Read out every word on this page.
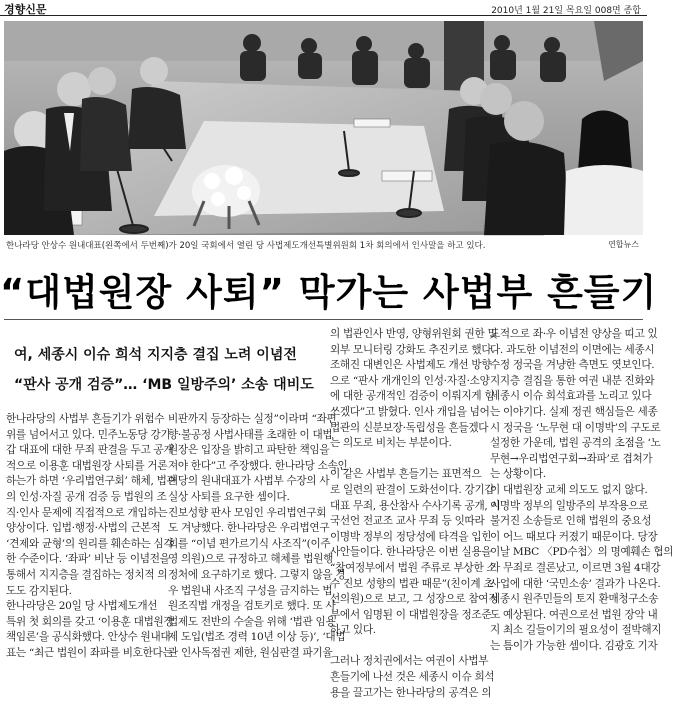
경향신문	2010년 1월 21일 목요일 008면 종합
한나라당 안상수 원내대표(왼쪽에서 두번째)가 20일 국회에서 열린 당 사법제도개선특별위원회 1차 회의에서 인사말을 하고 있다.	연합뉴스
“대법원장 사퇴” 막가는 사법부 흔들기
여, 세종시 이슈 희석 지지층 결집 노려 이념전
“판사 공개 검증”… ‘MB 일방주의’ 소송 대비도
한나라당의 사법부 흔들기가 위험수
위를 넘어서고 있다. 민주노동당 강기
갑 대표에 대한 무죄 판결을 두고 공개
적으로 이용훈 대법원장 사퇴를 거론
하는가 하면 ‘우리법연구회’ 해체, 법관
의 인성·자질 공개 검증 등 법원의 조
직·인사 문제에 직접적으로 개입하는
양상이다. 입법·행정·사법의 근본적
‘견제와 균형’의 원리를 훼손하는 심각
한 수준이다. ‘좌파’ 비난 등 이념전을
통해서 지지층을 결집하는 정치적 의
도도 감지된다.
한나라당은 20일 당 사법제도개선
특위 첫 회의를 갖고 ‘이용훈 대법원장
책임론’을 공식화했다. 안상수 원내대
표는 “최근 법원이 좌파를 비호한다는
비판까지 등장하는 실정”이라며 “좌편
향·불공정 사법사태를 초래한 이 대법
원장은 입장을 밝히고 파탄한 책임을
져야 한다”고 주장했다. 한나라당 소속인
여당의 원내대표가 사법부 수장의 사
실상 사퇴를 요구한 셈이다.
진보성향 판사 모임인 우리법연구회
도 겨냥했다. 한나라당은 우리법연구
회를 “이념 편가르기식 사조직”(이주
영 의원)으로 규정하고 해체를 법원행
정처에 요구하기로 했다. 그렇지 않을 경
우 법원내 사조직 구성을 금지하는 법
원조직법 개정을 검토키로 했다. 또 사
법제도 전반의 수술을 위해 ‘법관 임용
제 도입(법조 경력 10년 이상 등)’, ‘대법
관 인사독점권 제한, 원심판결 파기율
의 법관인사 반영, 양형위원회 권한 및
외부 모니터링 강화도 추진키로 했다.
조해진 대변인은 사법제도 개선 방향
으로 “판사 개개인의 인성·자질·소양
에 대한 공개적인 검증이 이뤄지게 힘
쓰겠다”고 밝혔다. 인사 개입을 넘어
법관의 신분보장·독립성을 흔들겠다
는 의도로 비치는 부분이다.
이 같은 사법부 흔들기는 표면적으
로 일련의 판결이 도화선이다. 강기갑
대표 무죄, 용산참사 수사기록 공개, 시
국선언 전교조 교사 무죄 등 잇따라
이명박 정부의 정당성에 타격을 입힌
사안들이다. 한나라당은 이번 실용을
“참여정부에서 법원 주류로 부상한 소
수 진보 성향의 법관 때문”(친이계 초
선의원)으로 보고, 그 성장으로 참여정
부에서 임명된 이 대법원장을 정조준
하고 있다.
그러나 정치권에서는 여권이 사법부
흔들기에 나선 것은 세종시 이슈 희석
용을 끌고가는 한나라당의 공격은 의
도적으로 좌·우 이념전 양상을 띠고 있
다. 과도한 이념전의 이면에는 세종시
수정 정국을 겨냥한 측면도 엿보인다.
지지층 결집을 통한 여권 내분 진화와
세종시 이슈 희석효과를 노리고 있다
는 이야기다. 실제 정권 핵심들은 세종
시 정국을 ‘노무현 대 이명박’의 구도로
설정한 가운데, 법원 공격의 초점을 ‘노
무현→우리법연구회→좌파’로 겹쳐가
는 상황이다.
이 대법원장 교체 의도도 없지 않다.
이명박 정부의 일방주의 부작용으로
불거진 소송들로 인해 법원의 중요성
이 어느 때보다 커졌기 때문이다. 당장
이날 MBC 〈PD수첩〉의 명예훼손 협의
가 무죄로 결론났고, 이르면 3월 4대강
사업에 대한 ‘국민소송’ 결과가 나온다.
세종시 원주민들의 토지 환매청구소송
도 예상된다. 여권으로선 법원 장악 내
지 최소 길들이기의 필요성이 절박해지
는 틈이가 가능한 셈이다. 김광호 기자
